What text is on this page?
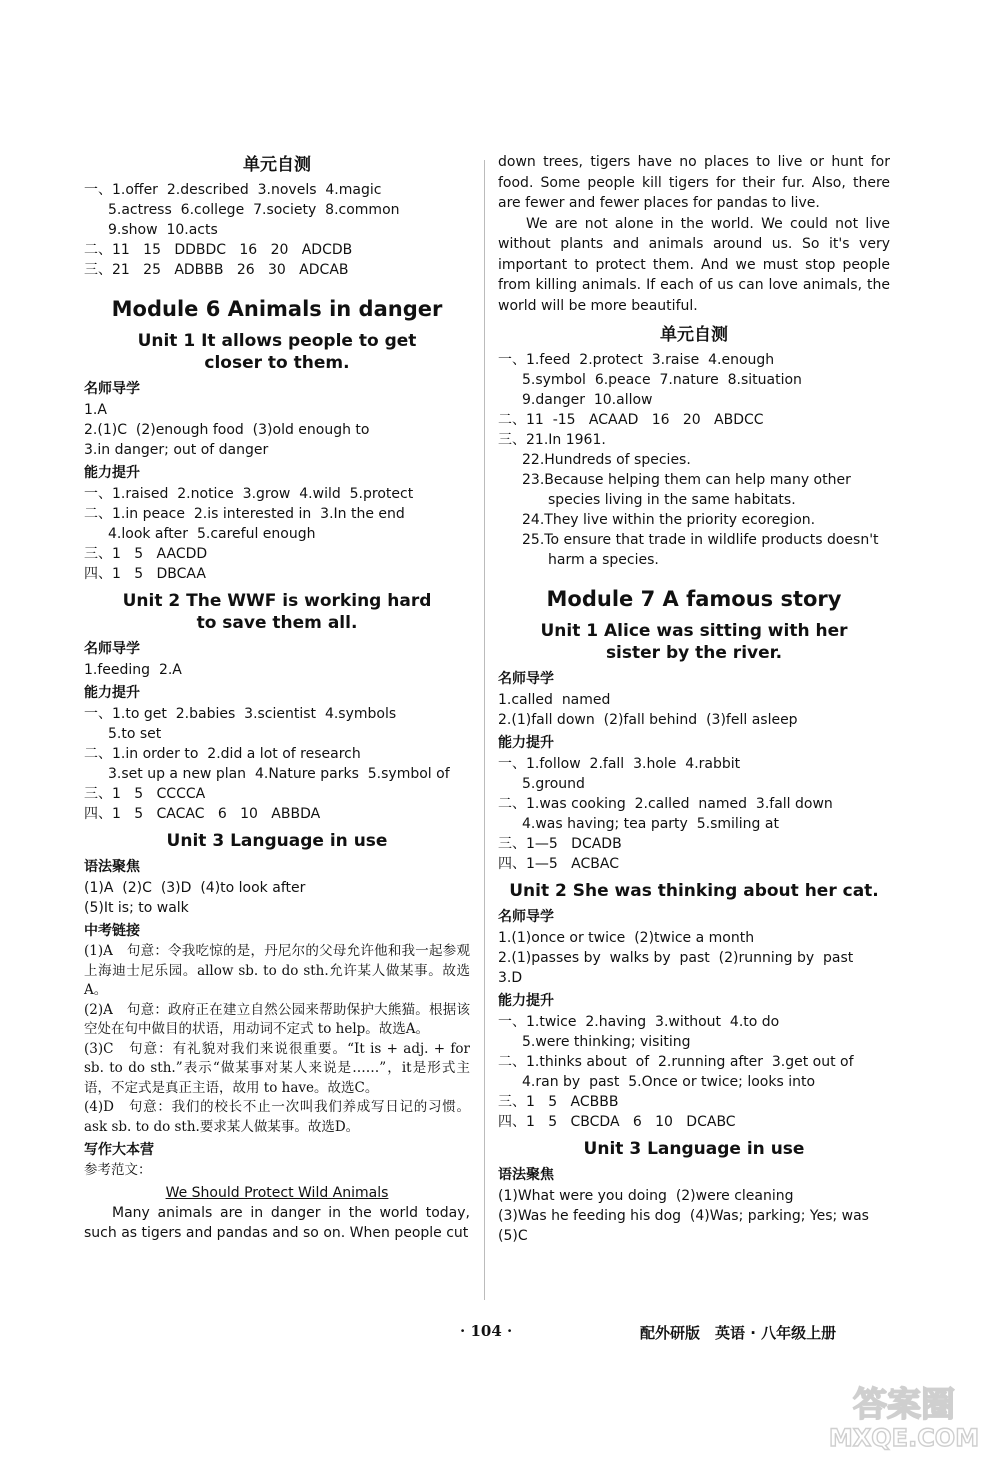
单元自测

一、1.offer  2.described  3.novels  4.magic

5.actress  6.college  7.society  8.common

9.show  10.acts

二、11   15   DDBDC   16   20   ADCDB

三、21   25   ADBBB   26   30   ADCAB

Module 6 Animals in danger
Unit 1 It allows people to get
closer to them.
名师导学

1.A

2.(1)C  (2)enough food  (3)old enough to

3.in danger; out of danger

能力提升

一、1.raised  2.notice  3.grow  4.wild  5.protect

二、1.in peace  2.is interested in  3.In the end

4.look after  5.careful enough

三、1   5   AACDD

四、1   5   DBCAA

Unit 2 The WWF is working hard
to save them all.
名师导学

1.feeding  2.A

能力提升

一、1.to get  2.babies  3.scientist  4.symbols

5.to set

二、1.in order to  2.did a lot of research

3.set up a new plan  4.Nature parks  5.symbol of

三、1   5   CCCCA

四、1   5   CACAC   6   10   ABBDA

Unit 3 Language in use
语法聚焦

(1)A  (2)C  (3)D  (4)to look after

(5)It is; to walk

中考链接

(1)A　句意：令我吃惊的是，丹尼尔的父母允许他和我一起参观上海迪士尼乐园。allow sb. to do sth.允许某人做某事。故选A。

(2)A　句意：政府正在建立自然公园来帮助保护大熊猫。根据该空处在句中做目的状语，用动词不定式 to help。故选A。

(3)C　句意：有礼貌对我们来说很重要。“It is + adj. + for sb. to do sth.”表示“做某事对某人来说是……”，it是形式主语，不定式是真正主语，故用 to have。故选C。

(4)D　句意：我们的校长不止一次叫我们养成写日记的习惯。ask sb. to do sth.要求某人做某事。故选D。

写作大本营

参考范文：

We Should Protect Wild Animals

Many animals are in danger in the world today, such as tigers and pandas and so on. When people cut

down trees, tigers have no places to live or hunt for food. Some people kill tigers for their fur. Also, there are fewer and fewer places for pandas to live.

We are not alone in the world. We could not live without plants and animals around us. So it's very important to protect them. And we must stop people from killing animals. If each of us can love animals, the world will be more beautiful.

单元自测

一、1.feed  2.protect  3.raise  4.enough

5.symbol  6.peace  7.nature  8.situation

9.danger  10.allow

二、11  -15   ACAAD   16   20   ABDCC

三、21.In 1961.

22.Hundreds of species.

23.Because helping them can help many other species living in the same habitats.

24.They live within the priority ecoregion.

25.To ensure that trade in wildlife products doesn't harm a species.

Module 7 A famous story
Unit 1 Alice was sitting with her
sister by the river.
名师导学

1.called  named

2.(1)fall down  (2)fall behind  (3)fell asleep

能力提升

一、1.follow  2.fall  3.hole  4.rabbit

5.ground

二、1.was cooking  2.called  named  3.fall down

4.was having; tea party  5.smiling at

三、1—5   DCADB

四、1—5   ACBAC

Unit 2 She was thinking about her cat.
名师导学

1.(1)once or twice  (2)twice a month

2.(1)passes by  walks by  past  (2)running by  past

3.D

能力提升

一、1.twice  2.having  3.without  4.to do

5.were thinking; visiting

二、1.thinks about  of  2.running after  3.get out of

4.ran by  past  5.Once or twice; looks into

三、1   5   ACBBB

四、1   5   CBCDA   6   10   DCABC

Unit 3 Language in use
语法聚焦

(1)What were you doing  (2)were cleaning

(3)Was he feeding his dog  (4)Was; parking; Yes; was

(5)C

· 104 ·	配外研版　英语 · 八年级上册
答案圈
MXQE.COM
